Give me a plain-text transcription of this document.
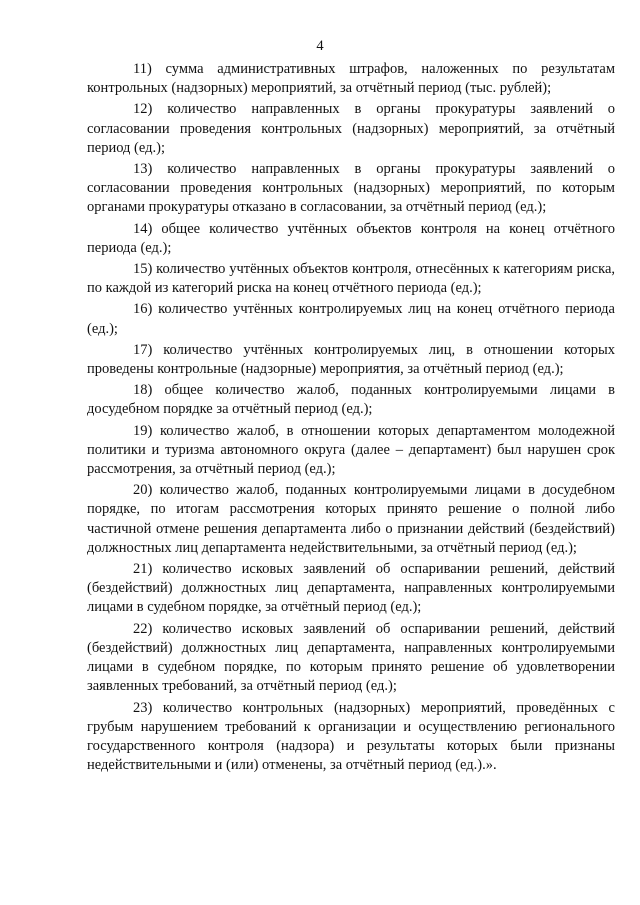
4

11) сумма административных штрафов, наложенных по результатам контрольных (надзорных) мероприятий, за отчётный период (тыс. рублей);

12) количество направленных в органы прокуратуры заявлений о согласовании проведения контрольных (надзорных) мероприятий, за отчётный период (ед.);

13) количество направленных в органы прокуратуры заявлений о согласовании проведения контрольных (надзорных) мероприятий, по которым органами прокуратуры отказано в согласовании, за отчётный период (ед.);

14) общее количество учтённых объектов контроля на конец отчётного периода (ед.);

15) количество учтённых объектов контроля, отнесённых к категориям риска, по каждой из категорий риска на конец отчётного периода (ед.);

16) количество учтённых контролируемых лиц на конец отчётного периода (ед.);

17) количество учтённых контролируемых лиц, в отношении которых проведены контрольные (надзорные) мероприятия, за отчётный период (ед.);

18) общее количество жалоб, поданных контролируемыми лицами в досудебном порядке за отчётный период (ед.);

19) количество жалоб, в отношении которых департаментом молодежной политики и туризма автономного округа (далее – департамент) был нарушен срок рассмотрения, за отчётный период (ед.);

20) количество жалоб, поданных контролируемыми лицами в досудебном порядке, по итогам рассмотрения которых принято решение о полной либо частичной отмене решения департамента либо о признании действий (бездействий) должностных лиц департамента недействительными, за отчётный период (ед.);

21) количество исковых заявлений об оспаривании решений, действий (бездействий) должностных лиц департамента, направленных контролируемыми лицами в судебном порядке, за отчётный период (ед.);

22) количество исковых заявлений об оспаривании решений, действий (бездействий) должностных лиц департамента, направленных контролируемыми лицами в судебном порядке, по которым принято решение об удовлетворении заявленных требований, за отчётный период (ед.);

23) количество контрольных (надзорных) мероприятий, проведённых с грубым нарушением требований к организации и осуществлению регионального государственного контроля (надзора) и результаты которых были признаны недействительными и (или) отменены, за отчётный период (ед.).».
